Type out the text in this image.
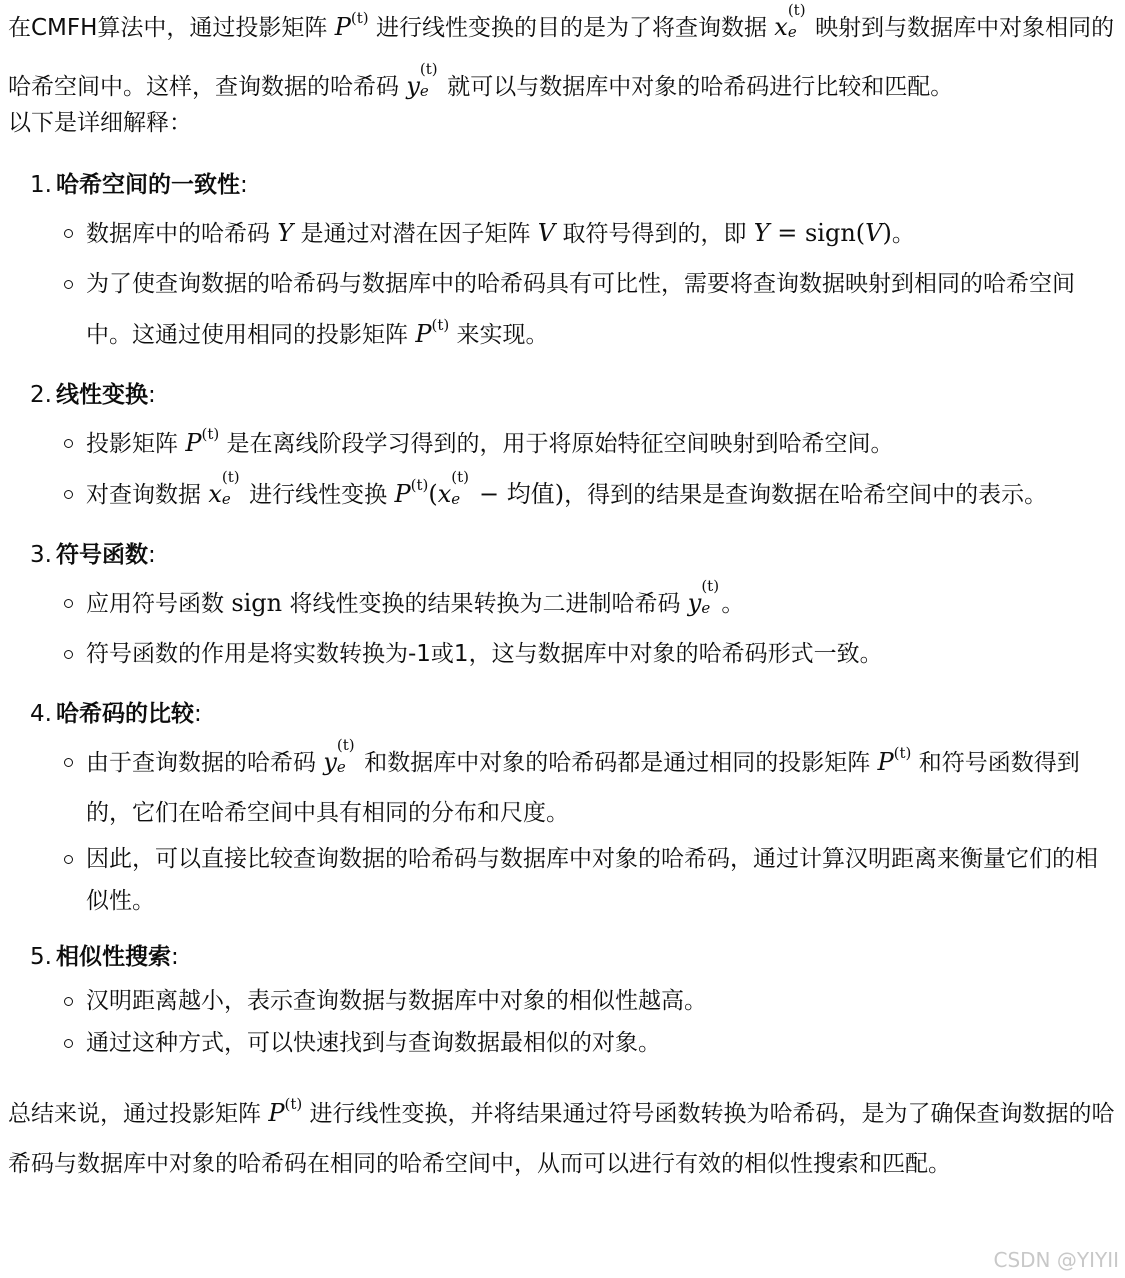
在CMFH算法中，通过投影矩阵 $P^{(t)}$ 进行线性变换的目的是为了将查询数据 x
(t)
e 映射到与数据库中对象相同的哈希空间中。这样，查询数据的哈希码 y
(t)
e 就可以与数据库中对象的哈希码进行比较和匹配。

以下是详细解释：

1. 哈希空间的一致性:
数据库中的哈希码 Y 是通过对潜在因子矩阵 V 取符号得到的，即 Y = sign(V)。
为了使查询数据的哈希码与数据库中的哈希码具有可比性，需要将查询数据映射到相同的哈希空间中。这通过使用相同的投影矩阵 $P^{(t)}$ 来实现。
2. 线性变换:
投影矩阵 $P^{(t)}$ 是在离线阶段学习得到的，用于将原始特征空间映射到哈希空间。
对查询数据 x
(t)
e 进行线性变换 $P^{(t)}(x$
(t)
e − 均值)，得到的结果是查询数据在哈希空间中的表示。
3. 符号函数:
应用符号函数 sign 将线性变换的结果转换为二进制哈希码 y
(t)
e 。
符号函数的作用是将实数转换为-1或1，这与数据库中对象的哈希码形式一致。
4. 哈希码的比较:
由于查询数据的哈希码 y
(t)
e 和数据库中对象的哈希码都是通过相同的投影矩阵 $P^{(t)}$ 和符号函数得到的，它们在哈希空间中具有相同的分布和尺度。
因此，可以直接比较查询数据的哈希码与数据库中对象的哈希码，通过计算汉明距离来衡量它们的相似性。
5. 相似性搜索:
汉明距离越小，表示查询数据与数据库中对象的相似性越高。
通过这种方式，可以快速找到与查询数据最相似的对象。

总结来说，通过投影矩阵 $P^{(t)}$ 进行线性变换，并将结果通过符号函数转换为哈希码，是为了确保查询数据的哈希码与数据库中对象的哈希码在相同的哈希空间中，从而可以进行有效的相似性搜索和匹配。

CSDN @YIYII
